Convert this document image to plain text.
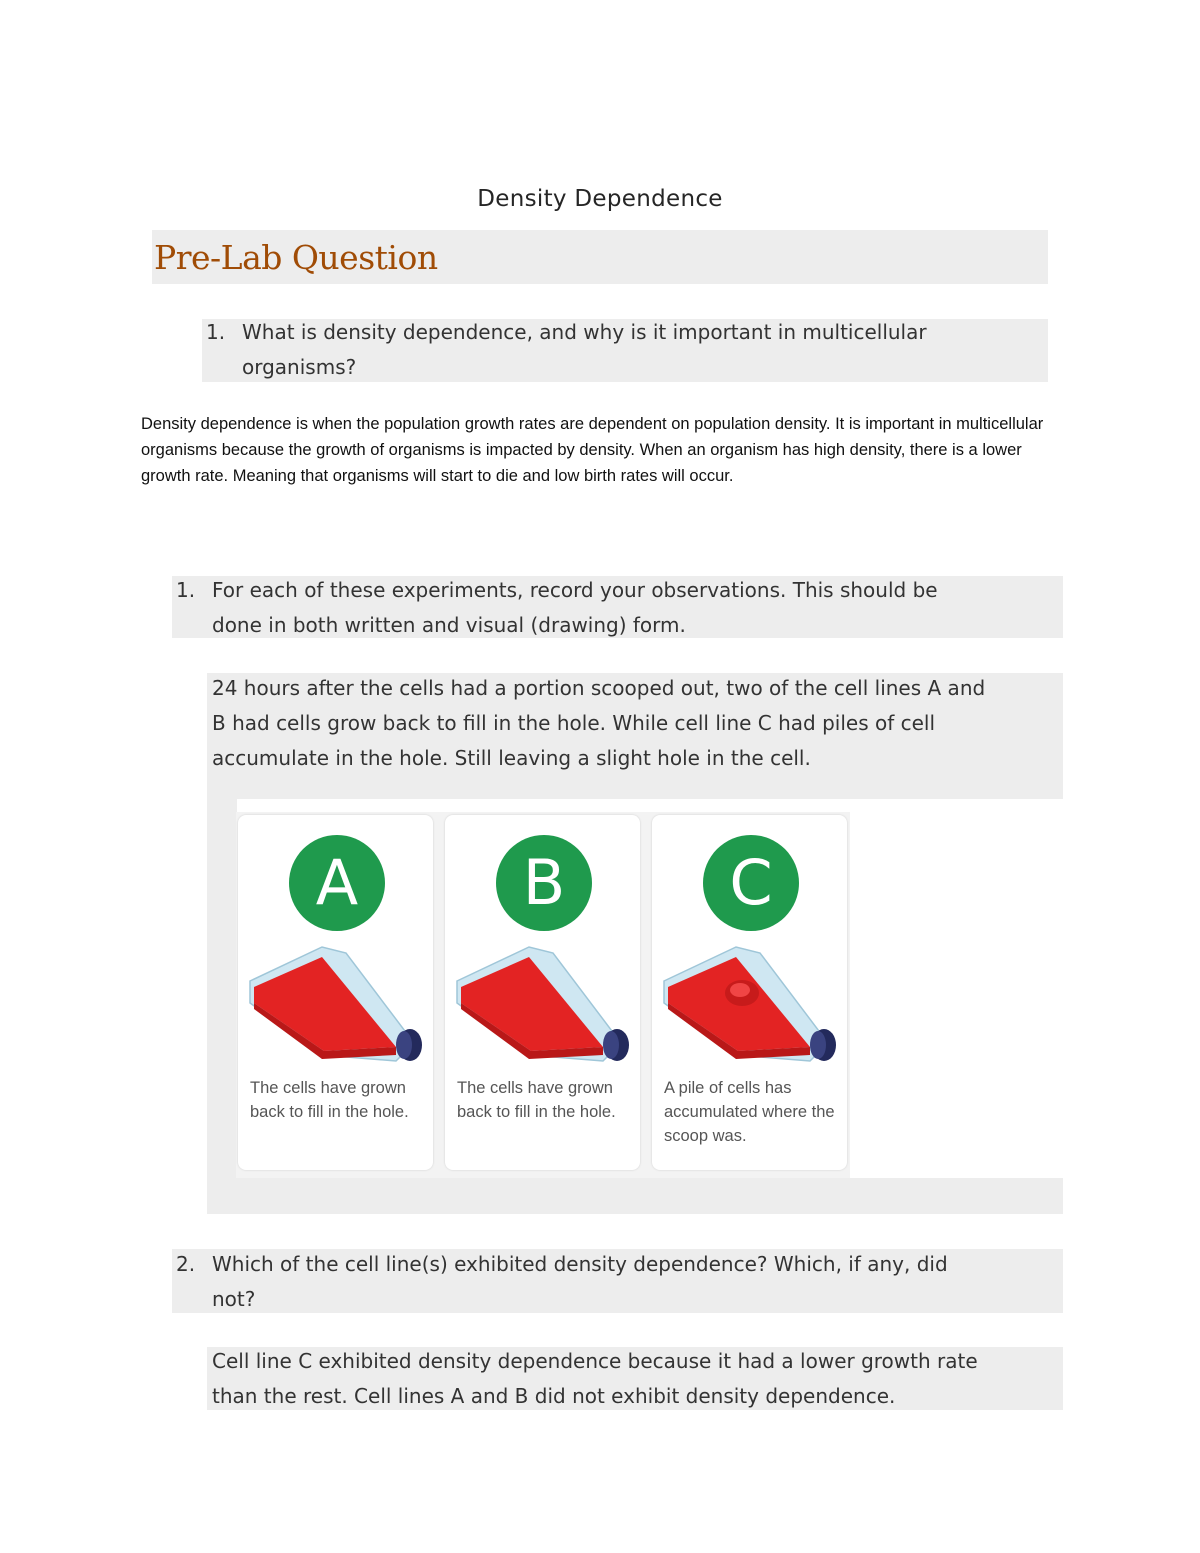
Density Dependence
Pre-Lab Question
1. What is density dependence, and why is it important in multicellular
organisms?
Density dependence is when the population growth rates are dependent on population density. It is important in multicellular organisms because the growth of organisms is impacted by density. When an organism has high density, there is a lower growth rate. Meaning that organisms will start to die and low birth rates will occur.
1. For each of these experiments, record your observations. This should be
done in both written and visual (drawing) form.
24 hours after the cells had a portion scooped out, two of the cell lines A and
B had cells grow back to fill in the hole. While cell line C had piles of cell
accumulate in the hole. Still leaving a slight hole in the cell.
A
The cells have grown back to fill in the hole.
B
The cells have grown back to fill in the hole.
C
A pile of cells has accumulated where the scoop was.
2. Which of the cell line(s) exhibited density dependence? Which, if any, did
not?
Cell line C exhibited density dependence because it had a lower growth rate
than the rest. Cell lines A and B did not exhibit density dependence.
